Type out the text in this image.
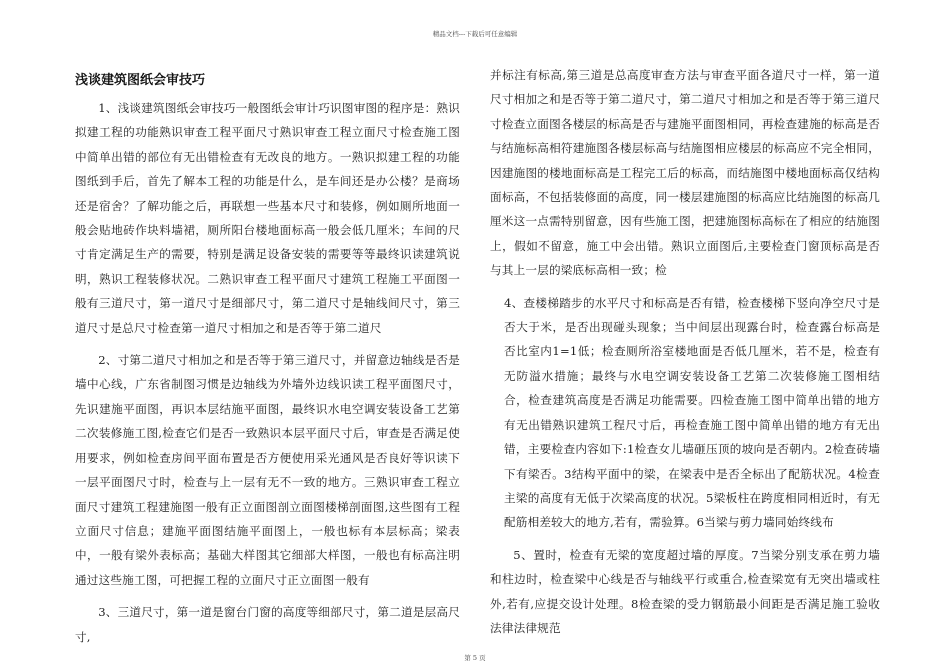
精品文档---下载后可任意编辑
浅谈建筑图纸会审技巧

1、浅谈建筑图纸会审技巧一般图纸会审计巧识图审图的程序是：熟识拟建工程的功能熟识审查工程平面尺寸熟识审查工程立面尺寸检查施工图中简单出错的部位有无出错检查有无改良的地方。一熟识拟建工程的功能图纸到手后，首先了解本工程的功能是什么，是车间还是办公楼？是商场还是宿舍？了解功能之后，再联想一些基本尺寸和装修，例如厕所地面一般会贴地砖作块料墙裙，厕所阳台楼地面标高一般会低几厘米；车间的尺寸肯定满足生产的需要，特别是满足设备安装的需要等等最终识读建筑说明，熟识工程装修状况。二熟识审查工程平面尺寸建筑工程施工平面图一般有三道尺寸，第一道尺寸是细部尺寸，第二道尺寸是轴线间尺寸，第三道尺寸是总尺寸检查第一道尺寸相加之和是否等于第二道尺

2、寸第二道尺寸相加之和是否等于第三道尺寸，并留意边轴线是否是墙中心线，广东省制图习惯是边轴线为外墙外边线识读工程平面图尺寸，先识建施平面图，再识本层结施平面图，最终识水电空调安装设备工艺第二次装修施工图,检查它们是否一致熟识本层平面尺寸后，审查是否满足使用要求，例如检查房间平面布置是否方便使用采光通风是否良好等识读下一层平面图尺寸时，检查与上一层有无不一致的地方。三熟识审查工程立面尺寸建筑工程建施图一般有正立面图剖立面图楼梯剖面图,这些图有工程立面尺寸信息；建施平面图结施平面图上，一般也标有本层标高；梁表中，一般有梁外表标高；基础大样图其它细部大样图，一般也有标高注明通过这些施工图，可把握工程的立面尺寸正立面图一般有

3、三道尺寸，第一道是窗台门窗的高度等细部尺寸，第二道是层高尺寸,

并标注有标高,第三道是总高度审查方法与审查平面各道尺寸一样，第一道尺寸相加之和是否等于第二道尺寸，第二道尺寸相加之和是否等于第三道尺寸检查立面图各楼层的标高是否与建施平面图相同，再检查建施的标高是否与结施标高相符建施图各楼层标高与结施图相应楼层的标高应不完全相同，因建施图的楼地面标高是工程完工后的标高，而结施图中楼地面标高仅结构面标高，不包括装修面的高度，同一楼层建施图的标高应比结施图的标高几厘米这一点需特别留意，因有些施工图，把建施图标高标在了相应的结施图上，假如不留意，施工中会出错。熟识立面图后,主要检查门窗顶标高是否与其上一层的梁底标高相一致；检

4、查楼梯踏步的水平尺寸和标高是否有错，检查楼梯下竖向净空尺寸是否大于米，是否出现碰头现象；当中间层出现露台时，检查露台标高是否比室内1=1低；检查厕所浴室楼地面是否低几厘米，若不是，检查有无防溢水措施；最终与水电空调安装设备工艺第二次装修施工图相结合，检查建筑高度是否满足功能需要。四检查施工图中简单出错的地方有无出错熟识建筑工程尺寸后，再检查施工图中简单出错的地方有无出错，主要检查内容如下:1检查女儿墙砸压顶的坡向是否朝内。2检查砖墙下有梁否。3结构平面中的梁，在梁表中是否全标出了配筋状况。4检查主梁的高度有无低于次梁高度的状况。5梁板柱在跨度相同相近时，有无配筋相差较大的地方,若有，需验算。6当梁与剪力墙同始终线布

5、置时，检查有无梁的宽度超过墙的厚度。7当梁分别支承在剪力墙和柱边时，检查梁中心线是否与轴线平行或重合,检查梁宽有无突出墙或柱外,若有,应提交设计处理。8检查梁的受力钢筋最小间距是否满足施工验收法律法律规范

第 5 页
